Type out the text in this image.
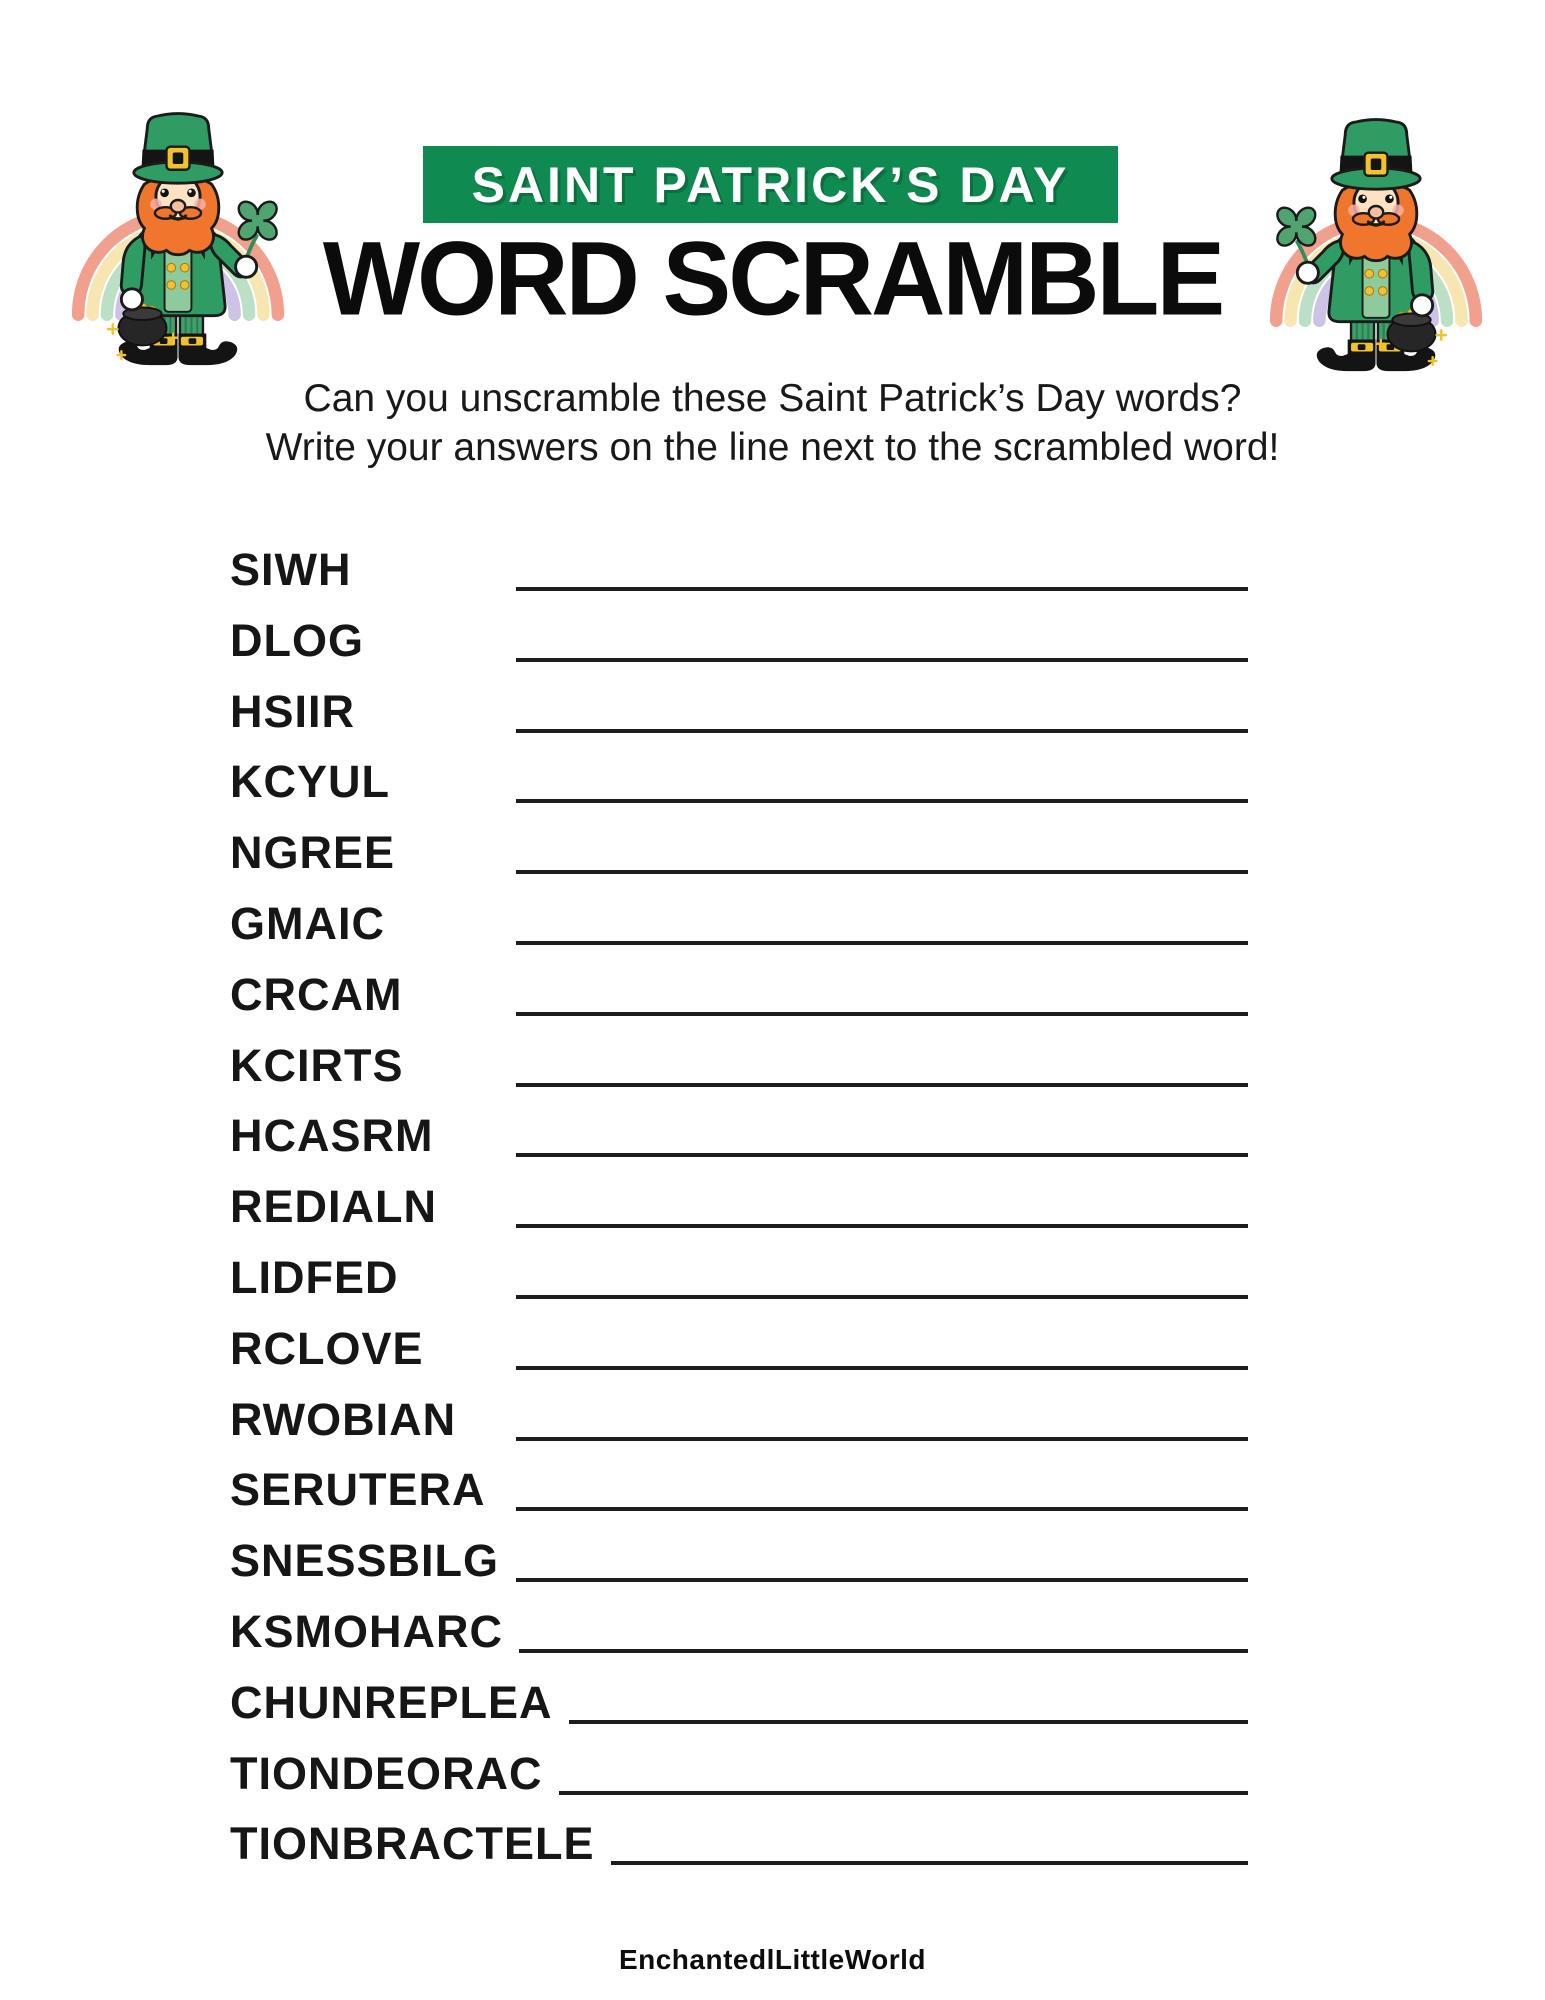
SAINT PATRICK’S DAY
WORD SCRAMBLE
Can you unscramble these Saint Patrick’s Day words?
Write your answers on the line next to the scrambled word!
SIWH
DLOG
HSIIR
KCYUL
NGREE
GMAIC
CRCAM
KCIRTS
HCASRM
REDIALN
LIDFED
RCLOVE
RWOBIAN
SERUTERA
SNESSBILG
KSMOHARC
CHUNREPLEA
TIONDEORAC
TIONBRACTELE
EnchantedlLittleWorld
